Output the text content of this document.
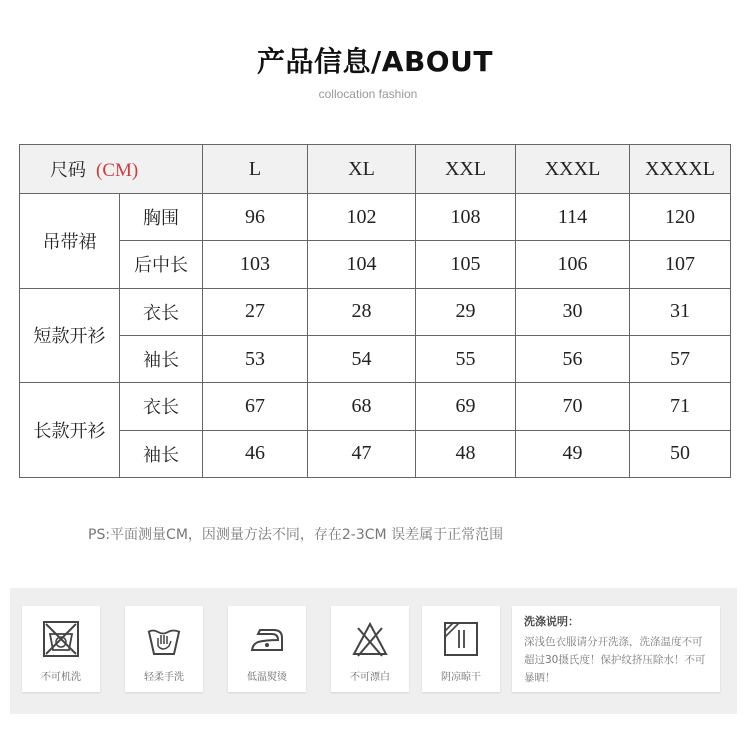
产品信息/ABOUT
collocation fashion
尺码 (CM)		L	XL	XXL	XXXL	XXXXL
吊带裙	胸围	96	102	108	114	120
	后中长	103	104	105	106	107
短款开衫	衣长	27	28	29	30	31
	袖长	53	54	55	56	57
长款开衫	衣长	67	68	69	70	71
	袖长	46	47	48	49	50
PS:平面测量CM，因测量方法不同，存在2-3CM 误差属于正常范围
不可机洗	轻柔手洗	低温熨烫	不可漂白	阴凉晾干
洗涤说明：
深浅色衣服请分开洗涤，洗涤温度不可超过30摄氏度！保护纹挤压除水！不可暴晒！
